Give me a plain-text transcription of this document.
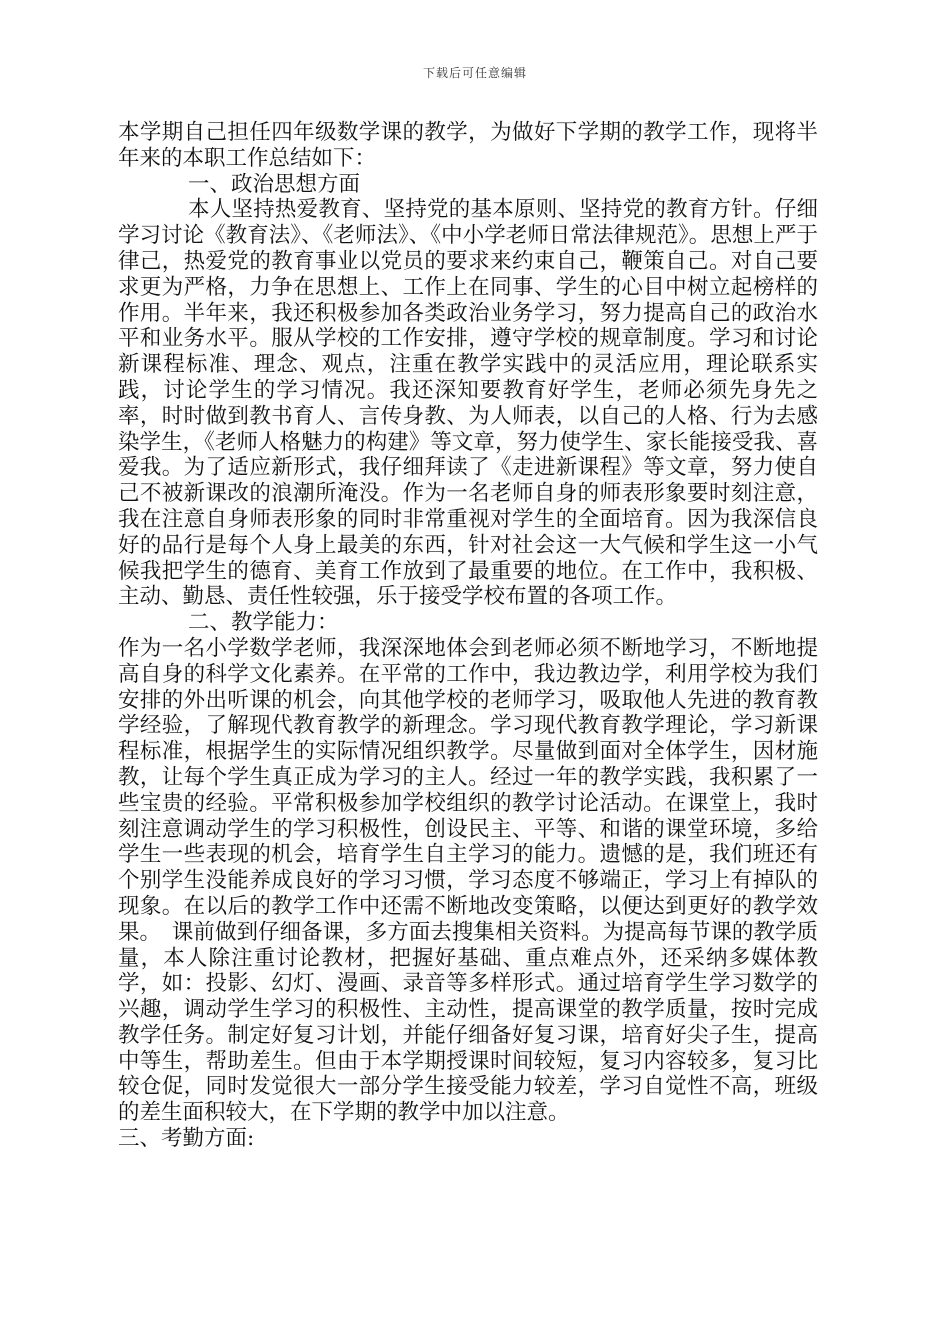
下载后可任意编辑

本学期自己担任四年级数学课的教学，为做好下学期的教学工作，现将半年来的本职工作总结如下：

一、政治思想方面

本人坚持热爱教育、坚持党的基本原则、坚持党的教育方针。仔细学习讨论《教育法》、《老师法》、《中小学老师日常法律规范》。思想上严于律己，热爱党的教育事业以党员的要求来约束自己，鞭策自己。对自己要求更为严格，力争在思想上、工作上在同事、学生的心目中树立起榜样的作用。半年来，我还积极参加各类政治业务学习，努力提高自己的政治水平和业务水平。服从学校的工作安排，遵守学校的规章制度。学习和讨论新课程标准、理念、观点，注重在教学实践中的灵活应用，理论联系实践，讨论学生的学习情况。我还深知要教育好学生，老师必须先身先之率，时时做到教书育人、言传身教、为人师表，以自己的人格、行为去感染学生，《老师人格魅力的构建》等文章，努力使学生、家长能接受我、喜爱我。为了适应新形式，我仔细拜读了《走进新课程》等文章，努力使自己不被新课改的浪潮所淹没。作为一名老师自身的师表形象要时刻注意，我在注意自身师表形象的同时非常重视对学生的全面培育。因为我深信良好的品行是每个人身上最美的东西，针对社会这一大气候和学生这一小气候我把学生的德育、美育工作放到了最重要的地位。在工作中，我积极、主动、勤恳、责任性较强，乐于接受学校布置的各项工作。

二、教学能力：

作为一名小学数学老师，我深深地体会到老师必须不断地学习，不断地提高自身的科学文化素养。在平常的工作中，我边教边学，利用学校为我们安排的外出听课的机会，向其他学校的老师学习，吸取他人先进的教育教学经验，了解现代教育教学的新理念。学习现代教育教学理论，学习新课程标准，根据学生的实际情况组织教学。尽量做到面对全体学生，因材施教，让每个学生真正成为学习的主人。经过一年的教学实践，我积累了一些宝贵的经验。平常积极参加学校组织的教学讨论活动。在课堂上，我时刻注意调动学生的学习积极性，创设民主、平等、和谐的课堂环境，多给学生一些表现的机会，培育学生自主学习的能力。遗憾的是，我们班还有个别学生没能养成良好的学习习惯，学习态度不够端正，学习上有掉队的现象。在以后的教学工作中还需不断地改变策略，以便达到更好的教学效果。　课前做到仔细备课，多方面去搜集相关资料。为提高每节课的教学质量，本人除注重讨论教材，把握好基础、重点难点外，还采纳多媒体教学，如：投影、幻灯、漫画、录音等多样形式。通过培育学生学习数学的兴趣，调动学生学习的积极性、主动性，提高课堂的教学质量，按时完成教学任务。制定好复习计划，并能仔细备好复习课，培育好尖子生，提高中等生，帮助差生。但由于本学期授课时间较短，复习内容较多，复习比较仓促，同时发觉很大一部分学生接受能力较差，学习自觉性不高，班级的差生面积较大，在下学期的教学中加以注意。

三、考勤方面:
